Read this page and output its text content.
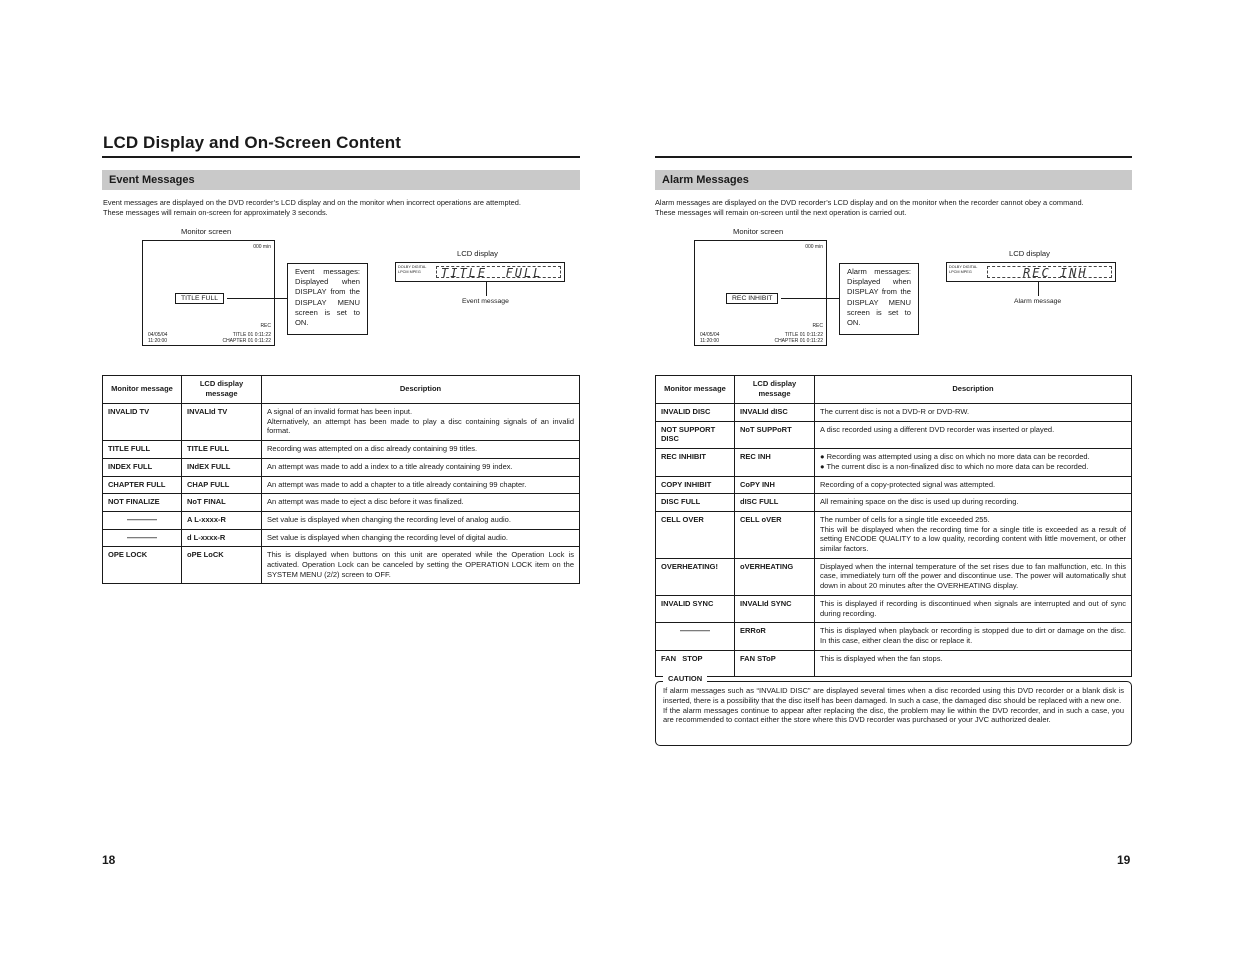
LCD Display and On-Screen Content
Event Messages
Event messages are displayed on the DVD recorder’s LCD display and on the monitor when incorrect operations are attempted.
These messages will remain on-screen for approximately 3 seconds.
Monitor screen
000 min
TITLE FULL
REC
04/05/04
11:20:00
TITLE 01 0:11:22
CHAPTER 01 0:11:22
Event messages: Displayed when DISPLAY from the DISPLAY MENU screen is set to ON.
LCD display
DOLBY DIGITAL
LPCM MPEG TITLE  FULL
Event message
Monitor message	LCD display message	Description
INVALID TV	INVALId TV	A signal of an invalid format has been input.
Alternatively, an attempt has been made to play a disc containing signals of an invalid format.

TITLE FULL	TITLE FULL	Recording was attempted on a disc already containing 99 titles.
INDEX FULL	INdEX FULL	An attempt was made to add a index to a title already containing 99 index.
CHAPTER FULL	CHAP FULL	An attempt was made to add a chapter to a title already containing 99 chapter.
NOT FINALIZE	NoT FINAL	An attempt was made to eject a disc before it was finalized.

————	A L-xxxx-R	Set value is displayed when changing the recording level of analog audio.

————	d L-xxxx-R	Set value is displayed when changing the recording level of digital audio.
OPE LOCK	oPE LoCK	This is displayed when buttons on this unit are operated while the Operation Lock is activated. Operation Lock can be canceled by setting the OPERATION LOCK item on the SYSTEM MENU (2/2) screen to OFF.
18
Alarm Messages
Alarm messages are displayed on the DVD recorder’s LCD display and on the monitor when the recorder cannot obey a command.
These messages will remain on-screen until the next operation is carried out.
Monitor screen
000 min
REC INHIBIT
REC
04/05/04
11:20:00
TITLE 01 0:11:22
CHAPTER 01 0:11:22
Alarm messages: Displayed when DISPLAY from the DISPLAY MENU screen is set to ON.
LCD display
DOLBY DIGITAL
LPCM MPEG	REC INH
Alarm message
Monitor message	LCD display message	Description
INVALID DISC	INVALId dISC	The current disc is not a DVD-R or DVD-RW.
NOT SUPPORT DISC	NoT SUPPoRT	A disc recorded using a different DVD recorder was inserted or played.
REC INHIBIT	REC INH	● Recording was attempted using a disc on which no more data can be recorded.
● The current disc is a non-finalized disc to which no more data can be recorded.

COPY INHIBIT	CoPY INH	Recording of a copy-protected signal was attempted.
DISC FULL	dISC FULL	All remaining space on the disc is used up during recording.
CELL OVER	CELL oVER	The number of cells for a single title exceeded 255.
This will be displayed when the recording time for a single title is exceeded as a result of setting ENCODE QUALITY to a low quality, recording content with little movement, or other similar factors.

OVERHEATING!	oVERHEATING	Displayed when the internal temperature of the set rises due to fan malfunction, etc. In this case, immediately turn off the power and discontinue use. The power will automatically shut down in about 20 minutes after the OVERHEATING display.
INVALID SYNC	INVALId SYNC	This is displayed if recording is discontinued when signals are interrupted and out of sync during recording.

————	ERRoR	This is displayed when playback or recording is stopped due to dirt or damage on the disc. In this case, either clean the disc or replace it.
FAN   STOP	FAN SToP	This is displayed when the fan stops.
If alarm messages such as “INVALID DISC” are displayed several times when a disc recorded using this DVD recorder or a blank disk is inserted, there is a possibility that the disc itself has been damaged. In such a case, the damaged disc should be replaced with a new one.
If the alarm messages continue to appear after replacing the disc, the problem may lie within the DVD recorder, and in such a case, you are recommended to contact either the store where this DVD recorder was purchased or your JVC authorized dealer.
CAUTION
19
